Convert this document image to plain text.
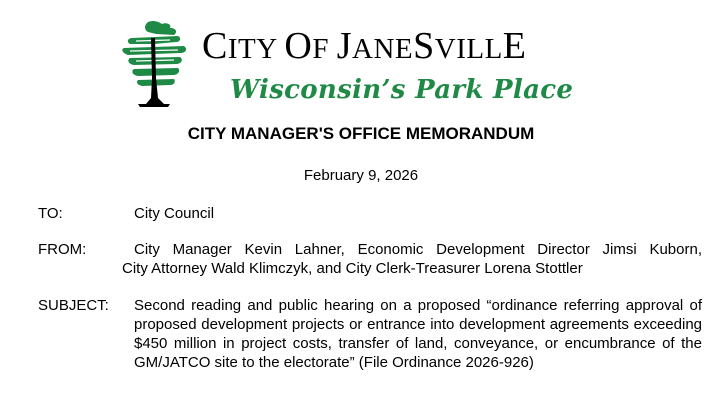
CITY OF JANESVILLE
Wisconsin’s Park Place
CITY MANAGER'S OFFICE MEMORANDUM
February 9, 2026
TO:	City Council
FROM:	City Manager Kevin Lahner, Economic Development Director Jimsi Kuborn,
City Attorney Wald Klimczyk, and City Clerk-Treasurer Lorena Stottler
SUBJECT: Second reading and public hearing on a proposed “ordinance referring approval of proposed development projects or entrance into development agreements exceeding $450 million in project costs, transfer of land, conveyance, or encumbrance of the GM/JATCO site to the electorate” (File Ordinance 2026-926)
